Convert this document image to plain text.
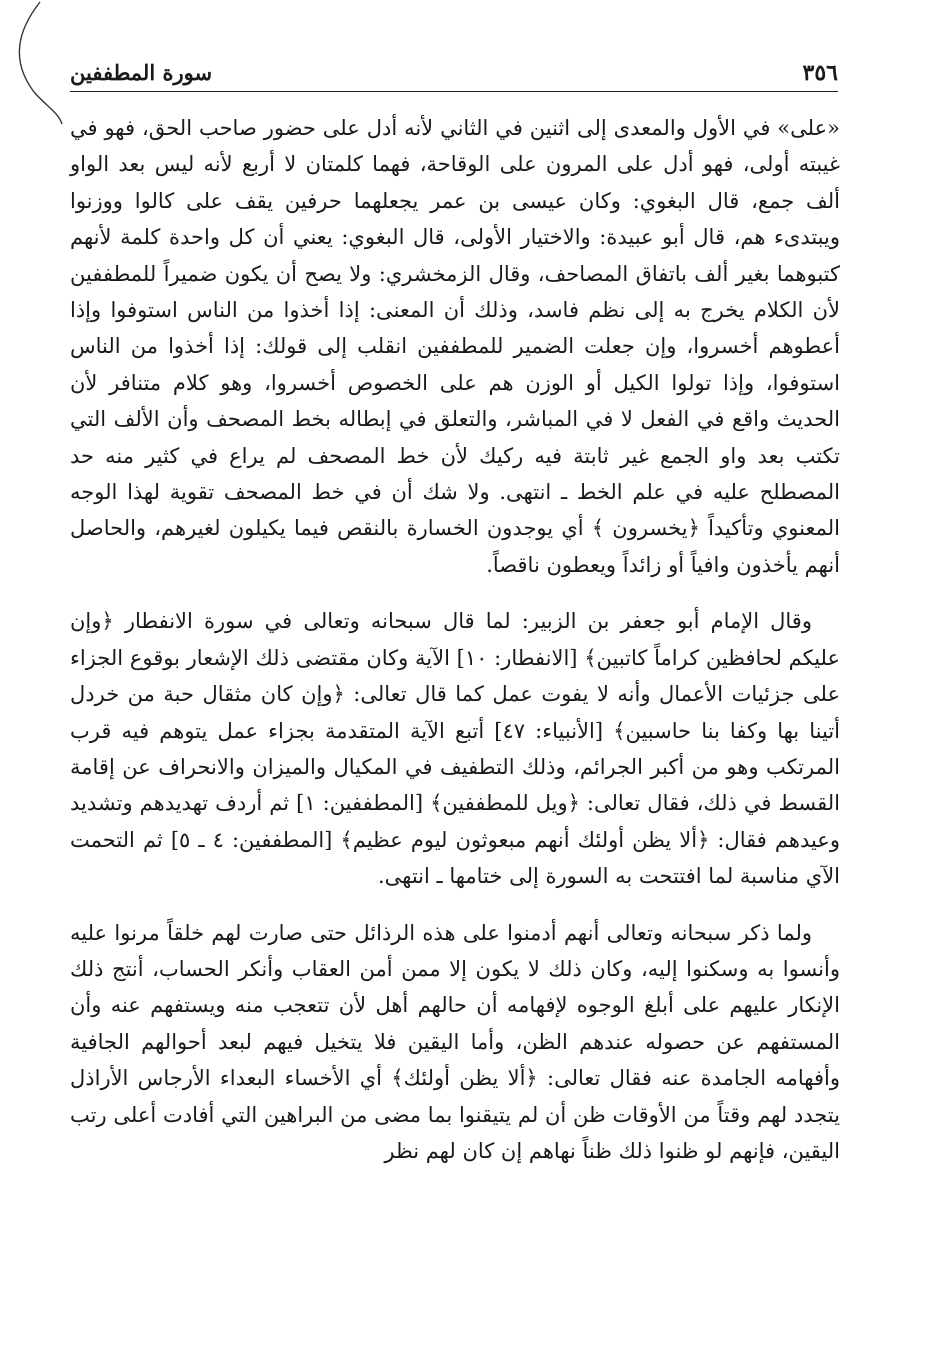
٣٥٦
سورة المطففين

«على» في الأول والمعدى إلى اثنين في الثاني لأنه أدل على حضور صاحب الحق، فهو في غيبته أولى، فهو أدل على المرون على الوقاحة، فهما كلمتان لا أربع لأنه ليس بعد الواو ألف جمع، قال البغوي: وكان عيسى بن عمر يجعلهما حرفين يقف على كالوا ووزنوا ويبتدىء هم، قال أبو عبيدة: والاختيار الأولى، قال البغوي: يعني أن كل واحدة كلمة لأنهم كتبوهما بغير ألف باتفاق المصاحف، وقال الزمخشري: ولا يصح أن يكون ضميراً للمطففين لأن الكلام يخرج به إلى نظم فاسد، وذلك أن المعنى: إذا أخذوا من الناس استوفوا وإذا أعطوهم أخسروا، وإن جعلت الضمير للمطففين انقلب إلى قولك: إذا أخذوا من الناس استوفوا، وإذا تولوا الكيل أو الوزن هم على الخصوص أخسروا، وهو كلام متنافر لأن الحديث واقع في الفعل لا في المباشر، والتعلق في إبطاله بخط المصحف وأن الألف التي تكتب بعد واو الجمع غير ثابتة فيه ركيك لأن خط المصحف لم يراع في كثير منه حد المصطلح عليه في علم الخط ـ انتهى. ولا شك أن في خط المصحف تقوية لهذا الوجه المعنوي وتأكيداً ﴿يخسرون ﴾ أي يوجدون الخسارة بالنقص فيما يكيلون لغيرهم، والحاصل أنهم يأخذون وافياً أو زائداً ويعطون ناقصاً.

وقال الإمام أبو جعفر بن الزبير: لما قال سبحانه وتعالى في سورة الانفطار ﴿وإن عليكم لحافظين كراماً كاتبين﴾ [الانفطار: ١٠] الآية وكان مقتضى ذلك الإشعار بوقوع الجزاء على جزئيات الأعمال وأنه لا يفوت عمل كما قال تعالى: ﴿وإن كان مثقال حبة من خردل أتينا بها وكفا بنا حاسبين﴾ [الأنبياء: ٤٧] أتبع الآية المتقدمة بجزاء عمل يتوهم فيه قرب المرتكب وهو من أكبر الجرائم، وذلك التطفيف في المكيال والميزان والانحراف عن إقامة القسط في ذلك، فقال تعالى: ﴿ويل للمطففين﴾ [المطففين: ١] ثم أردف تهديدهم وتشديد وعيدهم فقال: ﴿ألا يظن أولئك أنهم مبعوثون ليوم عظيم﴾ [المطففين: ٤ ـ ٥] ثم التحمت الآي مناسبة لما افتتحت به السورة إلى ختامها ـ انتهى.

ولما ذكر سبحانه وتعالى أنهم أدمنوا على هذه الرذائل حتى صارت لهم خلقاً مرنوا عليه وأنسوا به وسكنوا إليه، وكان ذلك لا يكون إلا ممن أمن العقاب وأنكر الحساب، أنتج ذلك الإنكار عليهم على أبلغ الوجوه لإفهامه أن حالهم أهل لأن تتعجب منه ويستفهم عنه وأن المستفهم عن حصوله عندهم الظن، وأما اليقين فلا يتخيل فيهم لبعد أحوالهم الجافية وأفهامه الجامدة عنه فقال تعالى: ﴿ألا يظن أولئك﴾ أي الأخساء البعداء الأرجاس الأراذل يتجدد لهم وقتاً من الأوقات ظن أن لم يتيقنوا بما مضى من البراهين التي أفادت أعلى رتب اليقين، فإنهم لو ظنوا ذلك ظناً نهاهم إن كان لهم نظر
